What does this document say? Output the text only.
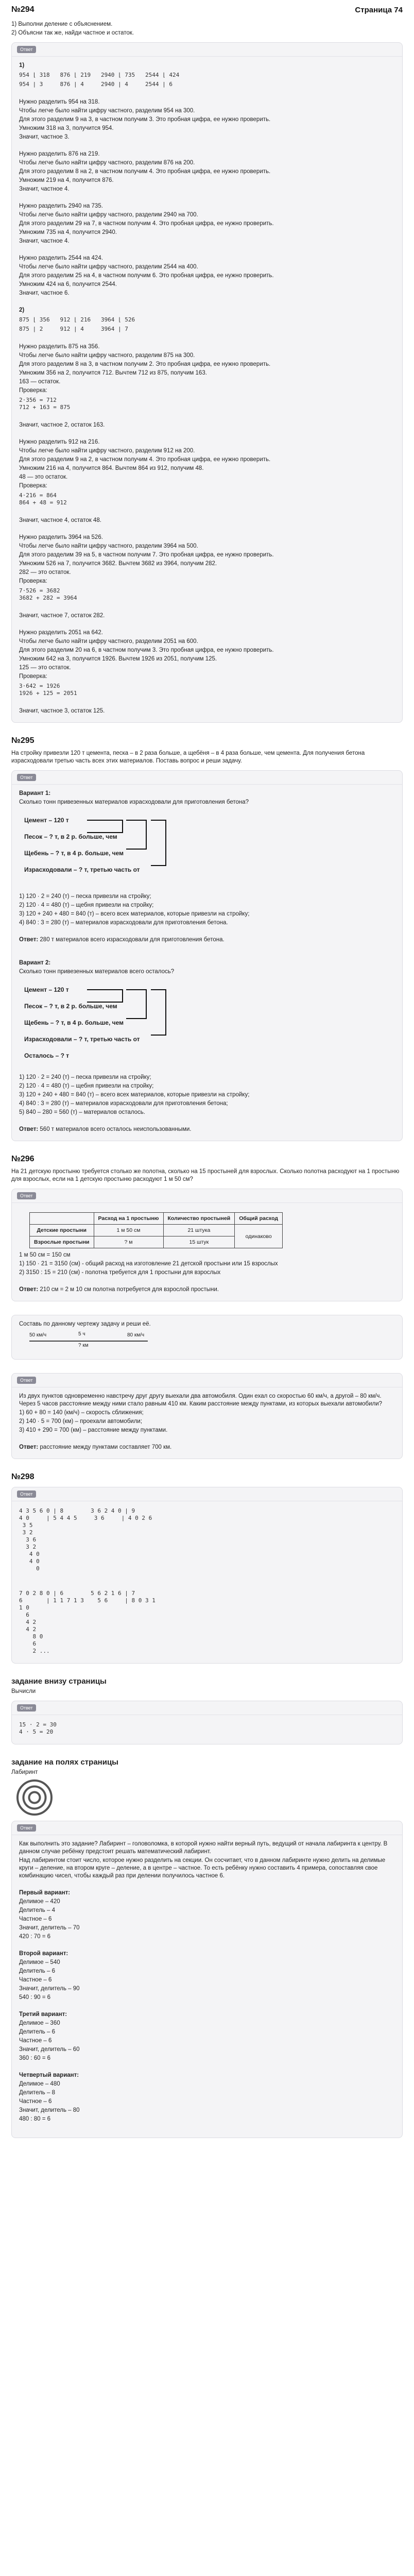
№294	Страница 74
1) Выполни деление с объяснением.
2) Объясни так же, найди частное и остаток.
Ответ
1)
954 ⌊ 318   876 ⌊ 219   2940 ⌊ 735   2544 ⌊ 424
954 | 3     876 | 4     2940 | 4     2544 | 6
Нужно разделить 954 на 318.
Чтобы легче было найти цифру частного, разделим 954 на 300.
Для этого разделим 9 на 3, в частном получим 3. Это пробная цифра, ее нужно проверить.
Умножим 318 на 3, получится 954.
Значит, частное 3.
Нужно разделить 876 на 219.
Чтобы легче было найти цифру частного, разделим 876 на 200.
Для этого разделим 8 на 2, в частном получим 4. Это пробная цифра, ее нужно проверить.
Умножим 219 на 4, получится 876.
Значит, частное 4.
Нужно разделить 2940 на 735.
Чтобы легче было найти цифру частного, разделим 2940 на 700.
Для этого разделим 29 на 7, в частном получим 4. Это пробная цифра, ее нужно проверить.
Умножим 735 на 4, получится 2940.
Значит, частное 4.
Нужно разделить 2544 на 424.
Чтобы легче было найти цифру частного, разделим 2544 на 400.
Для этого разделим 25 на 4, в частном получим 6. Это пробная цифра, ее нужно проверить.
Умножим 424 на 6, получится 2544.
Значит, частное 6.
2)
875 ⌊ 356   912 ⌊ 216   3964 ⌊ 526
875 | 2     912 | 4     3964 | 7
Нужно разделить 875 на 356.
Чтобы легче было найти цифру частного, разделим 875 на 300.
Для этого разделим 8 на 3, в частном получим 2. Это пробная цифра, ее нужно проверить.
Умножим 356 на 2, получится 712. Вычтем 712 из 875, получим 163.
163 — остаток.
Проверка:
2·356 = 712
712 + 163 = 875
Значит, частное 2, остаток 163.
Нужно разделить 912 на 216.
Чтобы легче было найти цифру частного, разделим 912 на 200.
Для этого разделим 9 на 2, в частном получим 4. Это пробная цифра, ее нужно проверить.
Умножим 216 на 4, получится 864. Вычтем 864 из 912, получим 48.
48 — это остаток.
Проверка:
4·216 = 864
864 + 48 = 912
Значит, частное 4, остаток 48.
Нужно разделить 3964 на 526.
Чтобы легче было найти цифру частного, разделим 3964 на 500.
Для этого разделим 39 на 5, в частном получим 7. Это пробная цифра, ее нужно проверить.
Умножим 526 на 7, получится 3682. Вычтем 3682 из 3964, получим 282.
282 — это остаток.
Проверка:
7·526 = 3682
3682 + 282 = 3964
Значит, частное 7, остаток 282.
Нужно разделить 2051 на 642.
Чтобы легче было найти цифру частного, разделим 2051 на 600.
Для этого разделим 20 на 6, в частном получим 3. Это пробная цифра, ее нужно проверить.
Умножим 642 на 3, получится 1926. Вычтем 1926 из 2051, получим 125.
125 — это остаток.
Проверка:
3·642 = 1926
1926 + 125 = 2051
Значит, частное 3, остаток 125.
№295
На стройку привезли 120 т цемента, песка – в 2 раза больше, а щебёня – в 4 раза больше, чем цемента. Для получения бетона израсходовали третью часть всех этих материалов. Поставь вопрос и реши задачу.
Ответ
Вариант 1:
Сколько тонн привезенных материалов израсходовали для приготовления бетона?
Цемент – 120 т
Песок – ? т, в 2 р. больше, чем
Щебень – ? т, в 4 р. больше, чем
Израсходовали – ? т, третью часть от
1) 120 · 2 = 240 (т) – песка привезли на стройку;
2) 120 · 4 = 480 (т) – щебня привезли на стройку;
3) 120 + 240 + 480 = 840 (т) – всего всех материалов, которые привезли на стройку;
4) 840 : 3 = 280 (т) – материалов израсходовали для приготовления бетона.
Ответ: 280 т материалов всего израсходовали для приготовления бетона.
Вариант 2:
Сколько тонн привезенных материалов всего осталось?
Цемент – 120 т
Песок – ? т, в 2 р. больше, чем
Щебень – ? т, в 4 р. больше, чем
Израсходовали – ? т, третью часть от
Осталось – ? т
1) 120 · 2 = 240 (т) – песка привезли на стройку;
2) 120 · 4 = 480 (т) – щебня привезли на стройку;
3) 120 + 240 + 480 = 840 (т) – всего всех материалов, которые привезли на стройку;
4) 840 : 3 = 280 (т) – материалов израсходовали для приготовления бетона;
5) 840 – 280 = 560 (т) – материалов осталось.
Ответ: 560 т материалов всего осталось неиспользованными.
№296
На 21 детскую простыню требуется столько же полотна, сколько на 15 простыней для взрослых. Сколько полотна расходуют на 1 простыню для взрослых, если на 1 детскую простыню расходуют 1 м 50 см?
Ответ
	Расход на 1 простыню	Количество простыней	Общий расход
Детские простыни	1 м 50 см	21 штука	одинаково
Взрослые простыни	? м	15 штук	
1 м 50 см = 150 см
1) 150 · 21 = 3150 (см) - общий расход на изготовление 21 детской простыни или 15 взрослых
2) 3150 : 15 = 210 (см) - полотна требуется для 1 простыни для взрослых
Ответ: 210 см = 2 м 10 см полотна потребуется для взрослой простыни.
Составь по данному чертежу задачу и реши её.
50 км/ч	80 км/ч
? км
5 ч
Ответ
Из двух пунктов одновременно навстречу друг другу выехали два автомобиля. Один ехал со скоростью 60 км/ч, а другой – 80 км/ч. Через 5 часов расстояние между ними стало равным 410 км. Каким расстояние между пунктами, из которых выехали автомобили?
1) 60 + 80 = 140 (км/ч) – скорость сближения;
2) 140 · 5 = 700 (км) – проехали автомобили;
3) 410 + 290 = 700 (км) – расстояние между пунктами.
Ответ: расстояние между пунктами составляет 700 км.
№298
Ответ
4 3 5 6 0 | 8        3 6 2 4 0 | 9
4 0     | 5 4 4 5     3 6     | 4 0 2 6
3 5
3 2
3 6
3 2
4 0
4 0
0
7 0 2 8 0 | 6        5 6 2 1 6 | 7
6       | 1 1 7 1 3    5 6     | 8 0 3 1
1 0
6
4 2
4 2
8 0
6
2 ...
задание внизу страницы
Вычисли
Ответ
15 · 2 = 30
4 · 5 = 20
задание на полях страницы
Лабиринт
Ответ
Как выполнить это задание? Лабиринт – головоломка, в которой нужно найти верный путь, ведущий от начала лабиринта к центру. В данном случае ребёнку предстоит решать математический лабиринт.
Над лабиринтом стоит число, которое нужно разделить на секции. Он сосчитает, что в данном лабиринте нужно делить на делимые круги – деление, на втором круге – деление, а в центре – частное. То есть ребёнку нужно составить 4 примера, сопоставляя свое комбинацию чисел, чтобы каждый раз при делении получилось частное 6.
Первый вариант:
Делимое – 420
Делитель – 4
Частное – 6
Значит, делитель – 70
420 : 70 = 6
Второй вариант:
Делимое – 540
Делитель – 6
Частное – 6
Значит, делитель – 90
540 : 90 = 6
Третий вариант:
Делимое – 360
Делитель – 6
Частное – 6
Значит, делитель – 60
360 : 60 = 6
Четвертый вариант:
Делимое – 480
Делитель – 8
Частное – 6
Значит, делитель – 80
480 : 80 = 6
